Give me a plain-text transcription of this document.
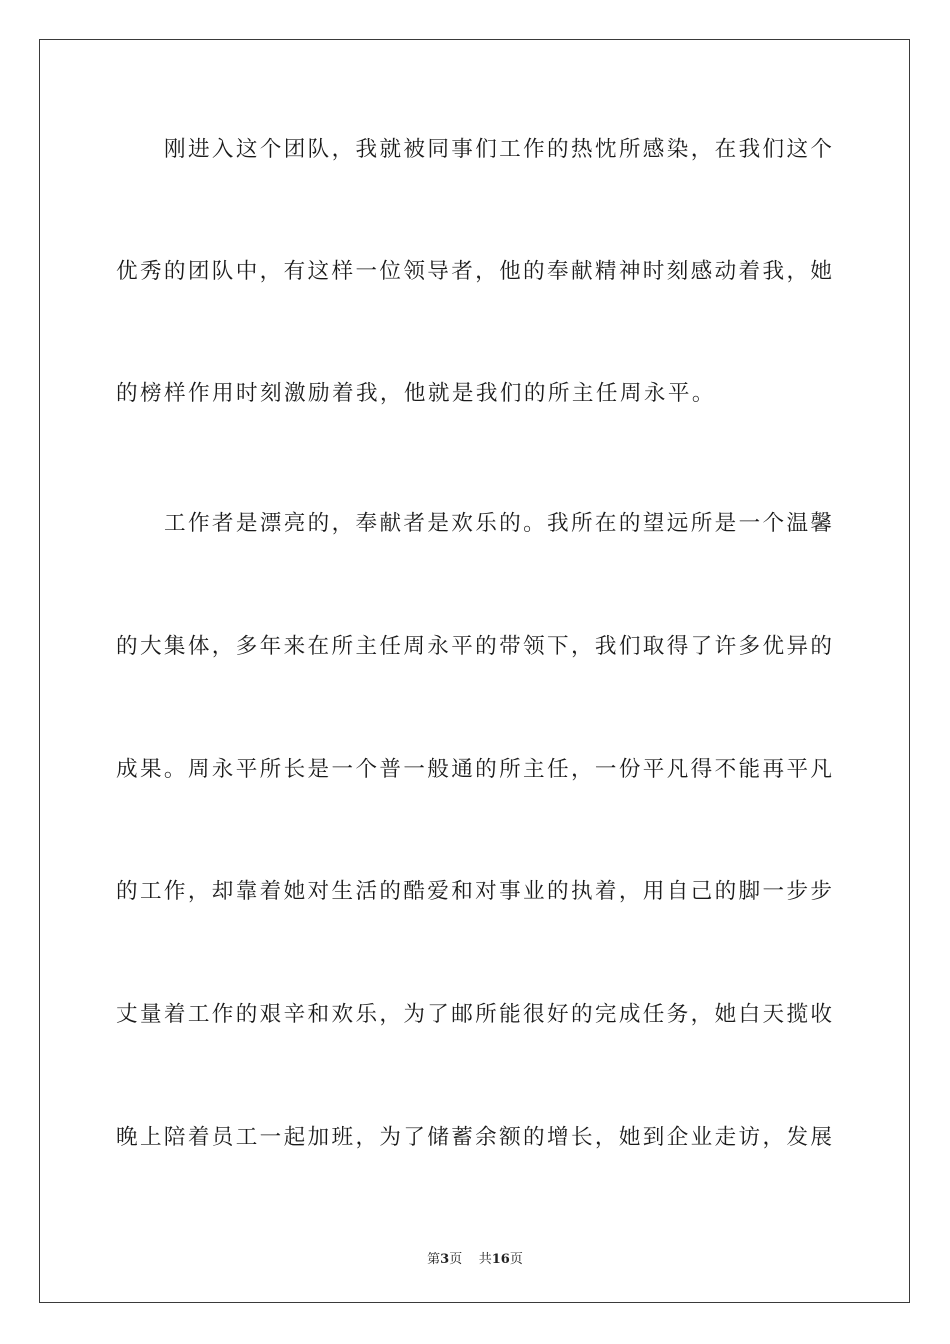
刚进入这个团队，我就被同事们工作的热忱所感染，在我们这个
优秀的团队中，有这样一位领导者，他的奉献精神时刻感动着我，她
的榜样作用时刻激励着我，他就是我们的所主任周永平。
工作者是漂亮的，奉献者是欢乐的。我所在的望远所是一个温馨
的大集体，多年来在所主任周永平的带领下，我们取得了许多优异的
成果。周永平所长是一个普一般通的所主任，一份平凡得不能再平凡
的工作，却靠着她对生活的酷爱和对事业的执着，用自己的脚一步步
丈量着工作的艰辛和欢乐，为了邮所能很好的完成任务，她白天揽收
晚上陪着员工一起加班，为了储蓄余额的增长，她到企业走访，发展
第3页 共16页
